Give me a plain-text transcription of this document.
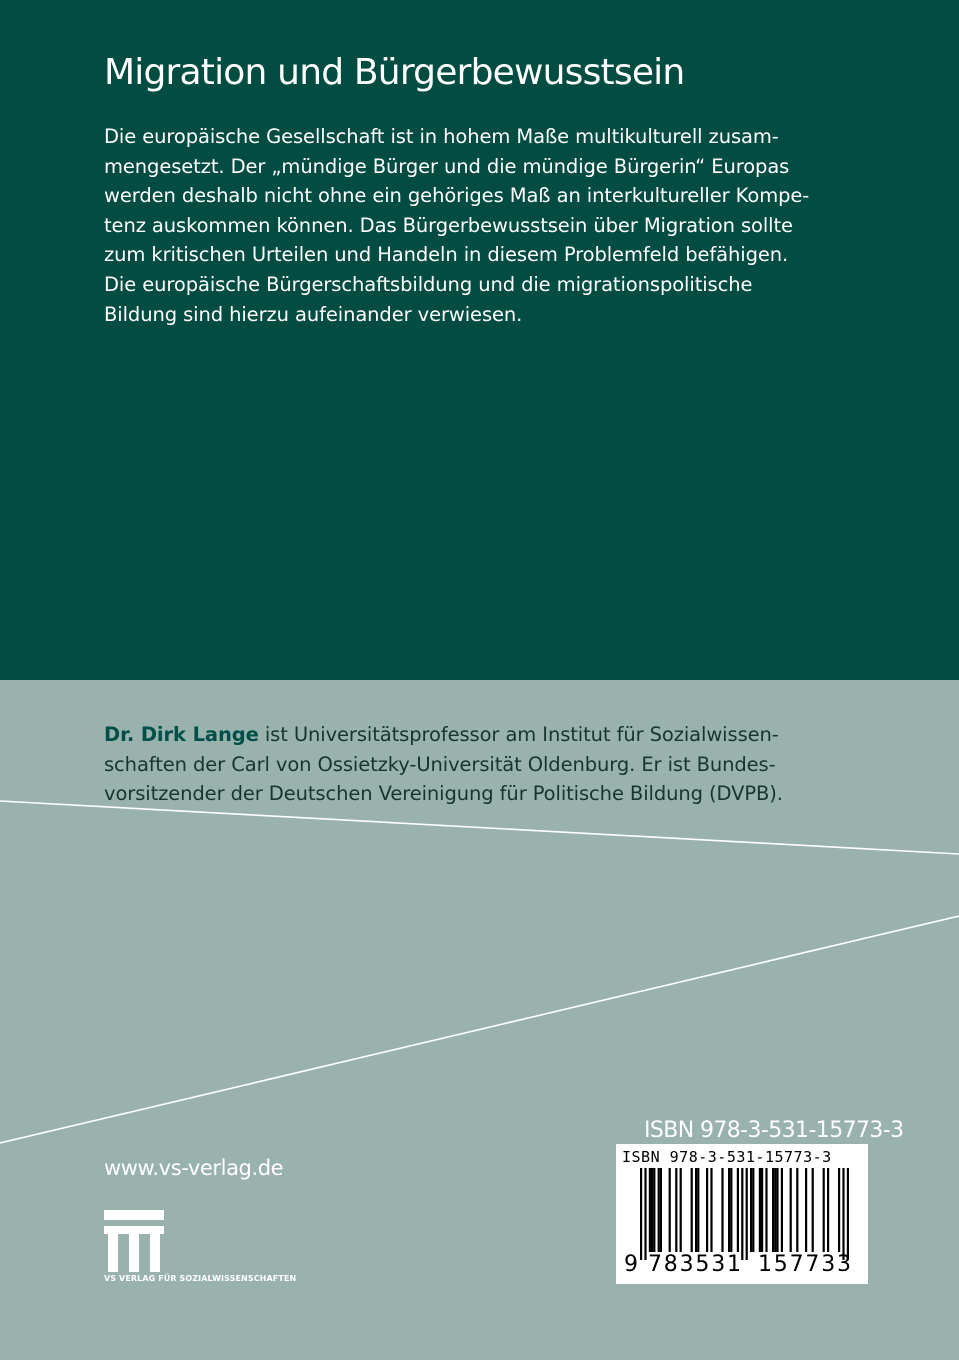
Migration und Bürgerbewusstsein

Die europäische Gesellschaft ist in hohem Maße multikulturell zusam-
mengesetzt. Der „mündige Bürger und die mündige Bürgerin“ Europas
werden deshalb nicht ohne ein gehöriges Maß an interkultureller Kompe-
tenz auskommen können. Das Bürgerbewusstsein über Migration sollte
zum kritischen Urteilen und Handeln in diesem Problemfeld befähigen.
Die europäische Bürgerschaftsbildung und die migrationspolitische
Bildung sind hierzu aufeinander verwiesen.

Dr. Dirk Lange ist Universitätsprofessor am Institut für Sozialwissen-
schaften der Carl von Ossietzky-Universität Oldenburg. Er ist Bundes-
vorsitzender der Deutschen Vereinigung für Politische Bildung (DVPB).

www.vs-verlag.de
VS VERLAG FÜR SOZIALWISSENSCHAFTEN
ISBN 978-3-531-15773-3
ISBN 978-3-531-15773-3
9 783531 157733
